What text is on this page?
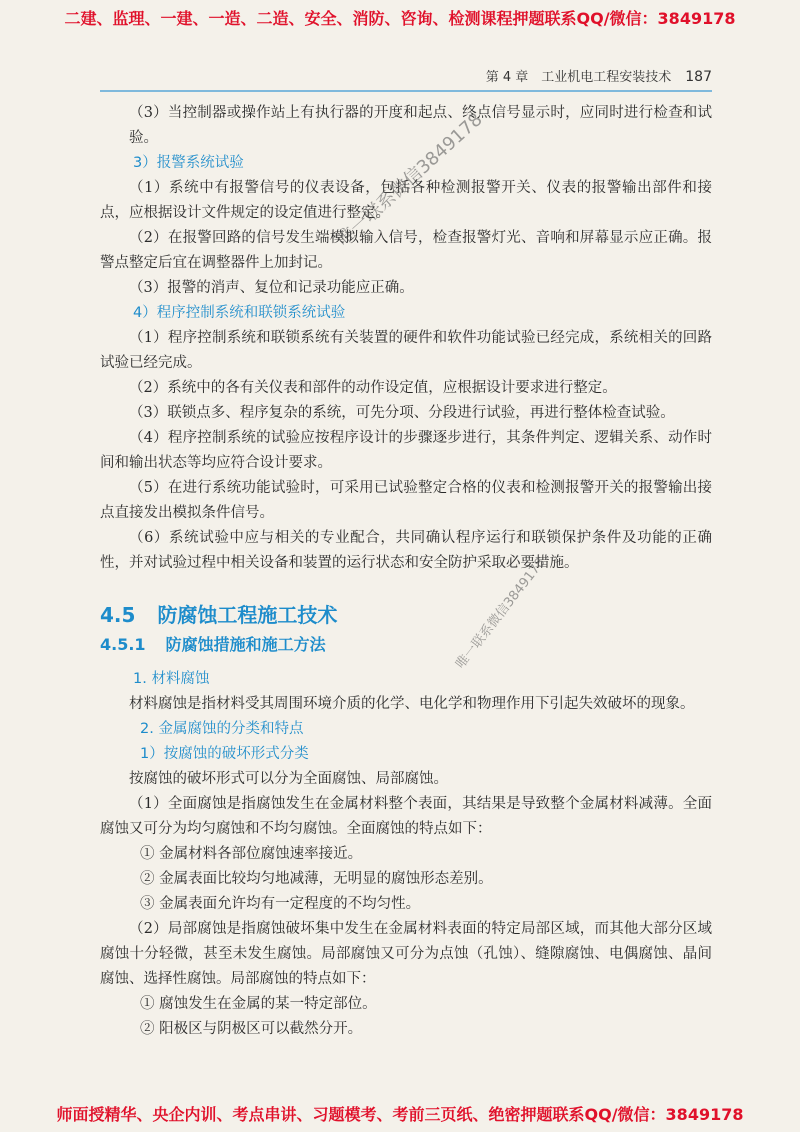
二建、监理、一建、一造、二造、安全、消防、咨询、检测课程押题联系QQ/微信：3849178
第 4 章　工业机电工程安装技术 187

（3）当控制器或操作站上有执行器的开度和起点、终点信号显示时，应同时进行检查和试验。

3）报警系统试验

（1）系统中有报警信号的仪表设备，包括各种检测报警开关、仪表的报警输出部件和接点，应根据设计文件规定的设定值进行整定。

（2）在报警回路的信号发生端模拟输入信号，检查报警灯光、音响和屏幕显示应正确。报警点整定后宜在调整器件上加封记。

（3）报警的消声、复位和记录功能应正确。

4）程序控制系统和联锁系统试验

（1）程序控制系统和联锁系统有关装置的硬件和软件功能试验已经完成，系统相关的回路试验已经完成。

（2）系统中的各有关仪表和部件的动作设定值，应根据设计要求进行整定。

（3）联锁点多、程序复杂的系统，可先分项、分段进行试验，再进行整体检查试验。

（4）程序控制系统的试验应按程序设计的步骤逐步进行，其条件判定、逻辑关系、动作时间和输出状态等均应符合设计要求。

（5）在进行系统功能试验时，可采用已试验整定合格的仪表和检测报警开关的报警输出接点直接发出模拟条件信号。

（6）系统试验中应与相关的专业配合，共同确认程序运行和联锁保护条件及功能的正确性，并对试验过程中相关设备和装置的运行状态和安全防护采取必要措施。

4.5 防腐蚀工程施工技术
4.5.1 防腐蚀措施和施工方法
1. 材料腐蚀

材料腐蚀是指材料受其周围环境介质的化学、电化学和物理作用下引起失效破坏的现象。

2. 金属腐蚀的分类和特点
1）按腐蚀的破坏形式分类

按腐蚀的破坏形式可以分为全面腐蚀、局部腐蚀。

（1）全面腐蚀是指腐蚀发生在金属材料整个表面，其结果是导致整个金属材料减薄。全面腐蚀又可分为均匀腐蚀和不均匀腐蚀。全面腐蚀的特点如下：

① 金属材料各部位腐蚀速率接近。

② 金属表面比较均匀地减薄，无明显的腐蚀形态差别。

③ 金属表面允许均有一定程度的不均匀性。

（2）局部腐蚀是指腐蚀破坏集中发生在金属材料表面的特定局部区域，而其他大部分区域腐蚀十分轻微，甚至未发生腐蚀。局部腐蚀又可分为点蚀（孔蚀）、缝隙腐蚀、电偶腐蚀、晶间腐蚀、选择性腐蚀。局部腐蚀的特点如下：

① 腐蚀发生在金属的某一特定部位。

② 阳极区与阴极区可以截然分开。

唯一联系微信3849178
唯一联系微信3849178
师面授精华、央企内训、考点串讲、习题模考、考前三页纸、绝密押题联系QQ/微信：3849178
